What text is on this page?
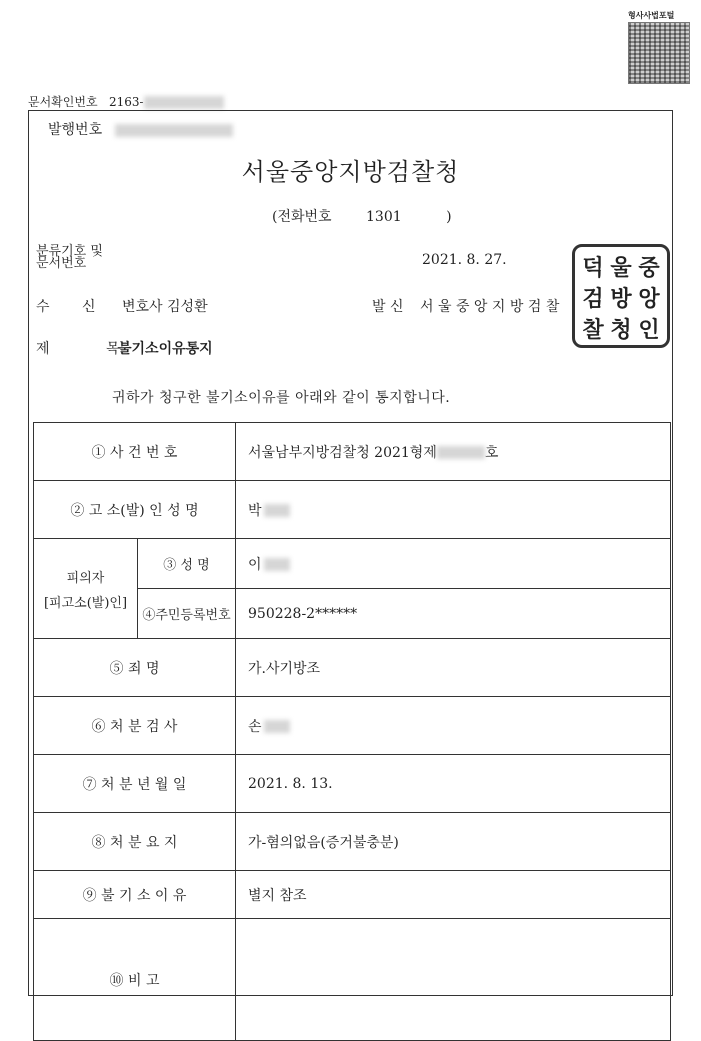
형사사법포털
문서확인번호 2163-
발행번호
서울중앙지방검찰청
(전화번호 1301	)
분류기호 및
문서번호	2021. 8. 27.
수 신 변호사 김성환	발 신 서 울 중 앙 지 방 검 찰
덕 울 중
검 방 앙
찰 청 인
제 목
불기소이유통지
귀하가 청구한 불기소이유를 아래와 같이 통지합니다.
① 사 건 번 호		서울남부지방검찰청 2021형제 호
② 고 소(발) 인 성 명		박

피의자
[피고소(발)인]	③ 성 명	이
	④주민등록번호	950228-2******
⑤ 죄 명		가.사기방조
⑥ 처 분 검 사		손
⑦ 처 분 년 월 일		2021. 8. 13.
⑧ 처 분 요 지		가-혐의없음(증거불충분)
⑨ 불 기 소 이 유		별지 참조
⑩ 비 고		
